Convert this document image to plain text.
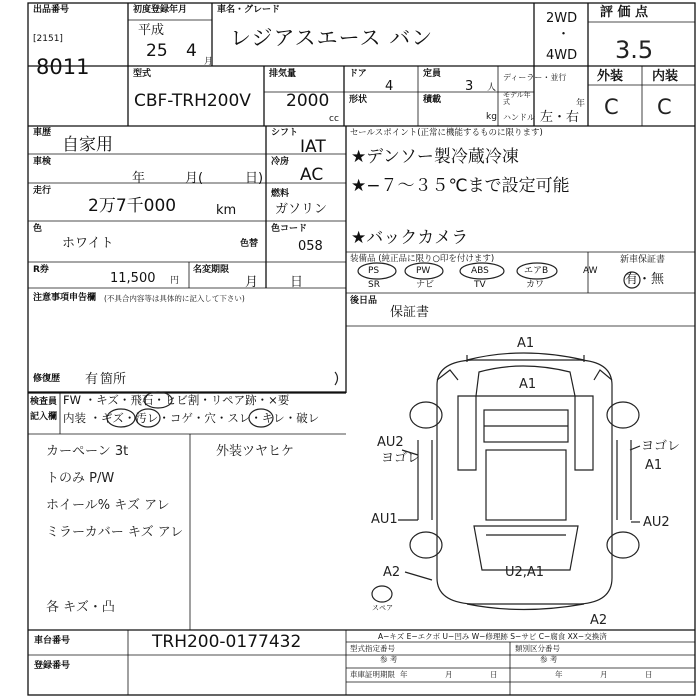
出品番号
[2151]
8011
初度登録年月
平成
25 4
月
車名・グレード
レジアスエース バン
2WD
・
4WD
評 価 点
3.5
型式
CBF-TRH200V
排気量
2000
cc
ドア
4
定員
3 人
形状	積載
kg
ディーラー・並行
モデル年式	年
ハンドル 左・右
外装 内装
C C
車歴
自家用
車検
年	月(	日)
走行
2万7千000	km
色
ホワイト	色替
R券
11,500 円
名変期限
月 日
シフト
IAT
冷房
AC
燃料
ガソリン
色コード
058
セールスポイント(正常に機能するものに限ります)
★デンソー製冷蔵冷凍
★−７〜３５℃まで設定可能
★バックカメラ
装備品 (純正品に限り○印を付けます)
PS	PW	ABS	エアB	AW
SR	ナビ	TV	カワ
新車保証書
有・無
注意事項申告欄 (不具合内容等は具体的に記入して下さい)
修復歴 有 箇所
後日品
保証書
検査員
記入欄
FW ・キズ・飛石・ヒビ割・リペア跡・×要
内装 ・ギズ・汚レ・コゲ・穴・スレ・キレ・破レ
カーペーン 3t
トのみ P/W
ホイール% キズ アレ
ミラーカバー キズ アレ
各 キズ・凸
外装ツヤヒケ
A1
A1
AU2
ヨゴレ
ヨゴレ
A1
AU1	AU2
U2,A1
A2
A2
スペア
A−キズ E−エクボ U−凹み W−修理跡 S−サビ C−腐食 XX−交換済
車台番号	TRH200-0177432
登録番号
型式指定番号	類別区分番号
参 考	参 考
車庫証明期限 年	月	日	年	月	日
